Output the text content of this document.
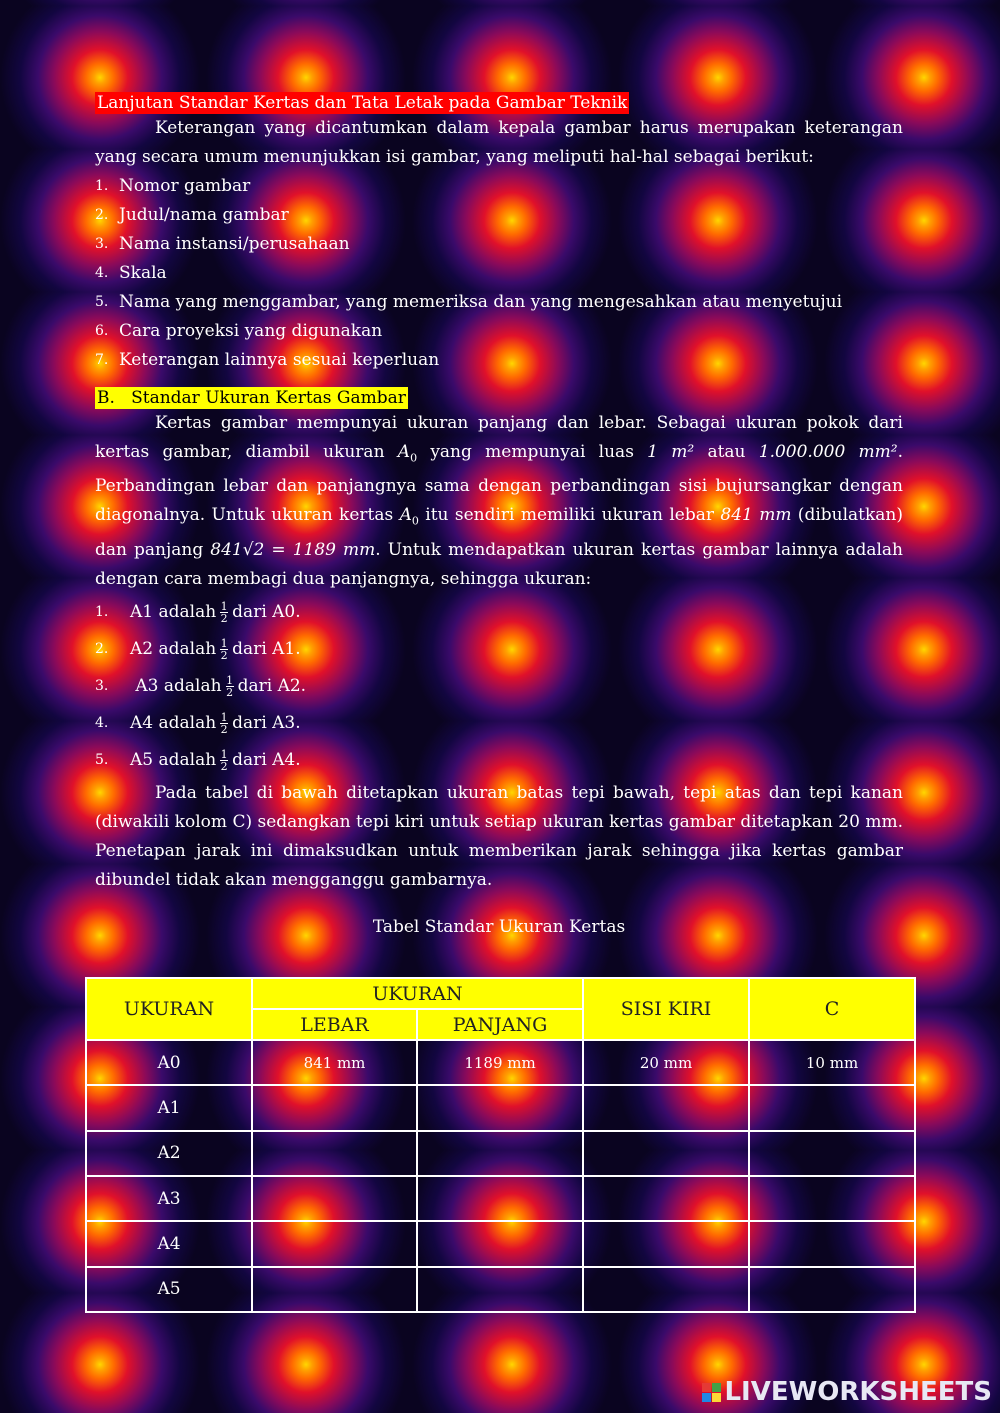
Lanjutan Standar Kertas dan Tata Letak pada Gambar Teknik

Keterangan yang dicantumkan dalam kepala gambar harus merupakan keterangan yang secara umum menunjukkan isi gambar, yang meliputi hal-hal sebagai berikut:

1. Nomor gambar
2. Judul/nama gambar
3. Nama instansi/perusahaan
4. Skala
5. Nama yang menggambar, yang memeriksa dan yang mengesahkan atau menyetujui
6. Cara proyeksi yang digunakan
7. Keterangan lainnya sesuai keperluan
B.   Standar Ukuran Kertas Gambar

Kertas gambar mempunyai ukuran panjang dan lebar. Sebagai ukuran pokok dari kertas gambar, diambil ukuran $A_0$ yang mempunyai luas 1 m² atau 1.000.000 mm². Perbandingan lebar dan panjangnya sama dengan perbandingan sisi bujursangkar dengan diagonalnya. Untuk ukuran kertas $A_0$ itu sendiri memiliki ukuran lebar 841 mm (dibulatkan) dan panjang 841√2 = 1189 mm. Untuk mendapatkan ukuran kertas gambar lainnya adalah dengan cara membagi dua panjangnya, sehingga ukuran:

1.	A1 adalah $\frac{1}{2}$ dari A0.
2.	A2 adalah $\frac{1}{2}$ dari A1.
3.	A3 adalah $\frac{1}{2}$ dari A2.
4.	A4 adalah $\frac{1}{2}$ dari A3.
5.	A5 adalah $\frac{1}{2}$ dari A4.

Pada tabel di bawah ditetapkan ukuran batas tepi bawah, tepi atas dan tepi kanan (diwakili kolom C) sedangkan tepi kiri untuk setiap ukuran kertas gambar ditetapkan 20 mm. Penetapan jarak ini dimaksudkan untuk memberikan jarak sehingga jika kertas gambar dibundel tidak akan mengganggu gambarnya.

Tabel Standar Ukuran Kertas
UKURAN	UKURAN		SISI KIRI	C
	LEBAR	PANJANG		
A0	841 mm	1189 mm	20 mm	10 mm
A1				
A2				
A3				
A4				
A5				
LIVEWORKSHEETS
